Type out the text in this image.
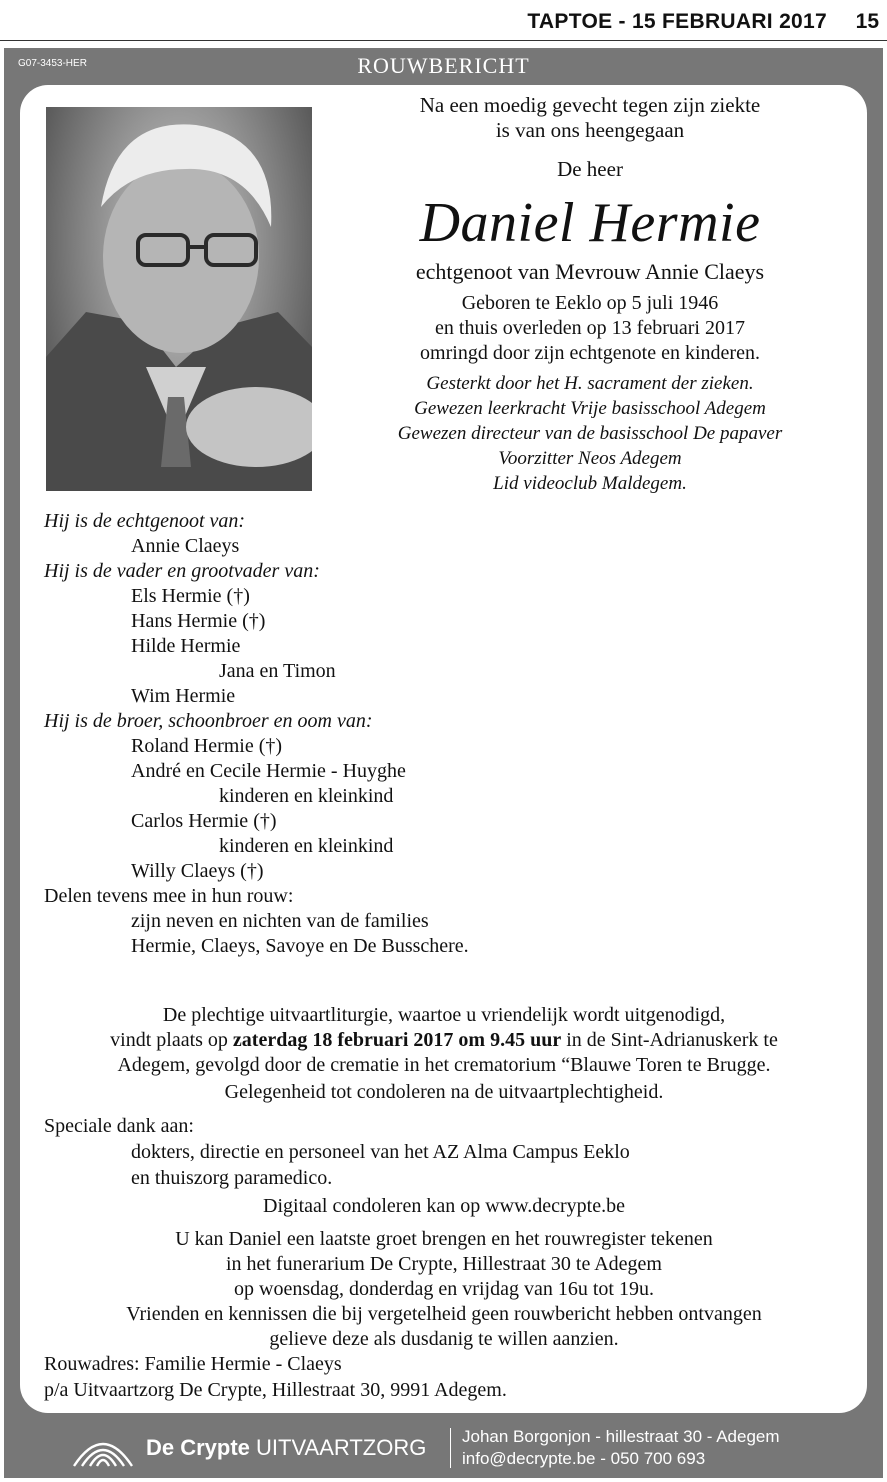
TAPTOE - 15 FEBRUARI 2017 15
G07-3453-HER	ROUWBERICHT
Na een moedig gevecht tegen zijn ziekte
is van ons heengegaan
De heer
Daniel Hermie
echtgenoot van Mevrouw Annie Claeys
Geboren te Eeklo op 5 juli 1946
en thuis overleden op 13 februari 2017
omringd door zijn echtgenote en kinderen.
Gesterkt door het H. sacrament der zieken.
Gewezen leerkracht Vrije basisschool Adegem
Gewezen directeur van de basisschool De papaver
Voorzitter Neos Adegem
Lid videoclub Maldegem.
Hij is de echtgenoot van:
Annie Claeys
Hij is de vader en grootvader van:
Els Hermie (†)
Hans Hermie (†)
Hilde Hermie
Jana en Timon
Wim Hermie
Hij is de broer, schoonbroer en oom van:
Roland Hermie (†)
André en Cecile Hermie - Huyghe
kinderen en kleinkind
Carlos Hermie (†)
kinderen en kleinkind
Willy Claeys (†)
Delen tevens mee in hun rouw:
zijn neven en nichten van de families
Hermie, Claeys, Savoye en De Busschere.
De plechtige uitvaartliturgie, waartoe u vriendelijk wordt uitgenodigd,
vindt plaats op zaterdag 18 februari 2017 om 9.45 uur in de Sint-Adrianuskerk te
Adegem, gevolgd door de crematie in het crematorium “Blauwe Toren te Brugge.
Gelegenheid tot condoleren na de uitvaartplechtigheid.
Speciale dank aan:
dokters, directie en personeel van het AZ Alma Campus Eeklo
en thuiszorg paramedico.
Digitaal condoleren kan op www.decrypte.be
U kan Daniel een laatste groet brengen en het rouwregister tekenen
in het funerarium De Crypte, Hillestraat 30 te Adegem
op woensdag, donderdag en vrijdag van 16u tot 19u.
Vrienden en kennissen die bij vergetelheid geen rouwbericht hebben ontvangen
gelieve deze als dusdanig te willen aanzien.
Rouwadres: Familie Hermie - Claeys
p/a Uitvaartzorg De Crypte, Hillestraat 30, 9991 Adegem.
De Crypte UITVAARTZORG Johan Borgonjon - hillestraat 30 - Adegem
info@decrypte.be - 050 700 693
